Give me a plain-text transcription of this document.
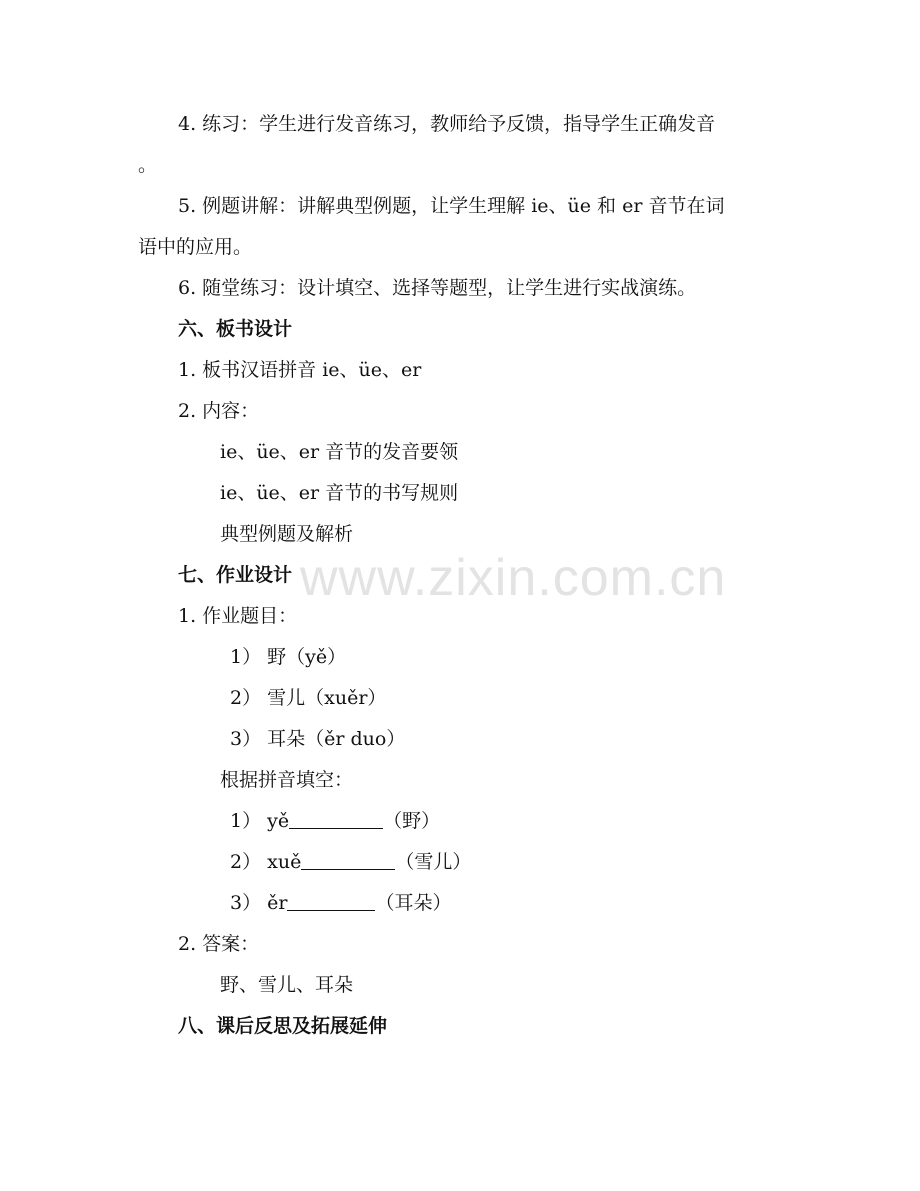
www.zixin.com.cn
4. 练习：学生进行发音练习，教师给予反馈，指导学生正确发音
。
5. 例题讲解：讲解典型例题，让学生理解 ie、üe 和 er 音节在词
语中的应用。
6. 随堂练习：设计填空、选择等题型，让学生进行实战演练。
六、板书设计
1. 板书汉语拼音 ie、üe、er
2. 内容：
ie、üe、er 音节的发音要领
ie、üe、er 音节的书写规则
典型例题及解析
七、作业设计
1. 作业题目：
1） 野（yě）
2） 雪儿（xuěr）
3） 耳朵（ěr duo）
根据拼音填空：
1） yě	（野）
2） xuě	（雪儿）
3） ěr	（耳朵）
2. 答案：
野、雪儿、耳朵
八、课后反思及拓展延伸
